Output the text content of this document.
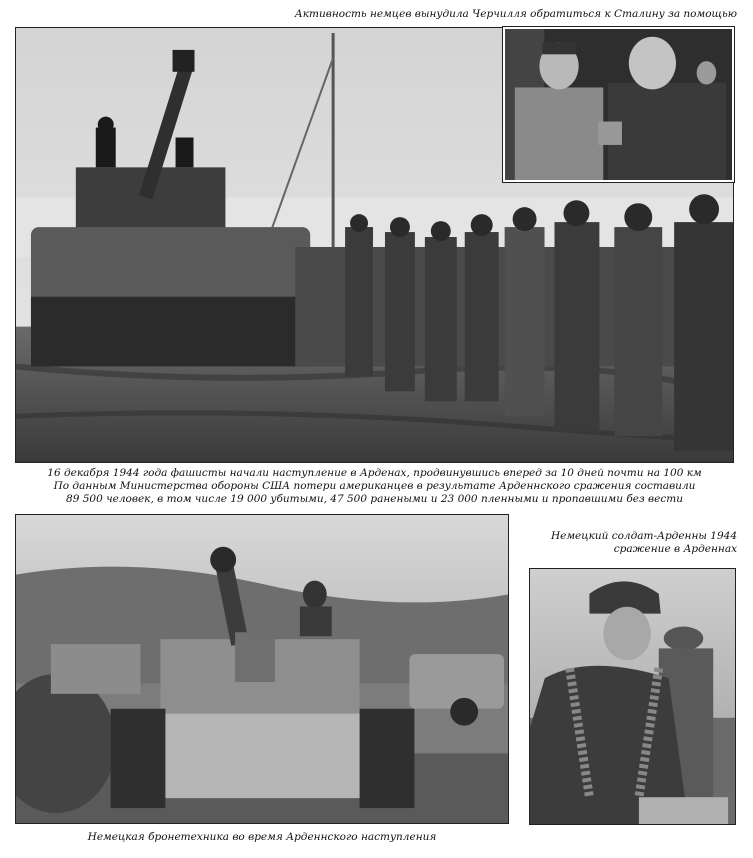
Активность немцев вынудила Черчилля обратиться к Сталину за помощью
16 декабря 1944 года фашисты начали наступление в Арденах, продвинувшись вперед за 10 дней почти на 100 км
По данным Министерства обороны США потери американцев в результате Арденнского сражения составили
89 500 человек, в том числе 19 000 убитыми, 47 500 ранеными и 23 000 пленными и пропавшими без вести
Немецкий солдат-Арденны 1944
сражение в Арденнах
Немецкая бронетехника во время Арденнского наступления
